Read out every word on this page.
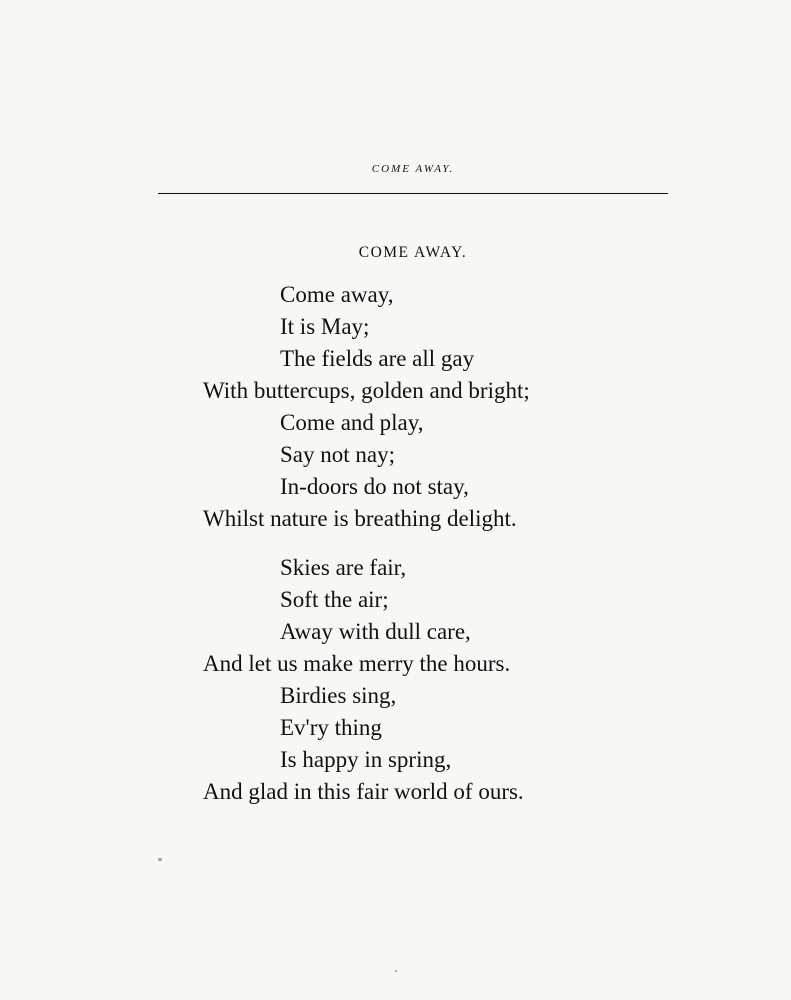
COME AWAY.
COME AWAY.
Come away,
It is May;
The fields are all gay
With buttercups, golden and bright;
Come and play,
Say not nay;
In-doors do not stay,
Whilst nature is breathing delight.
Skies are fair,
Soft the air;
Away with dull care,
And let us make merry the hours.
Birdies sing,
Ev'ry thing
Is happy in spring,
And glad in this fair world of ours.
